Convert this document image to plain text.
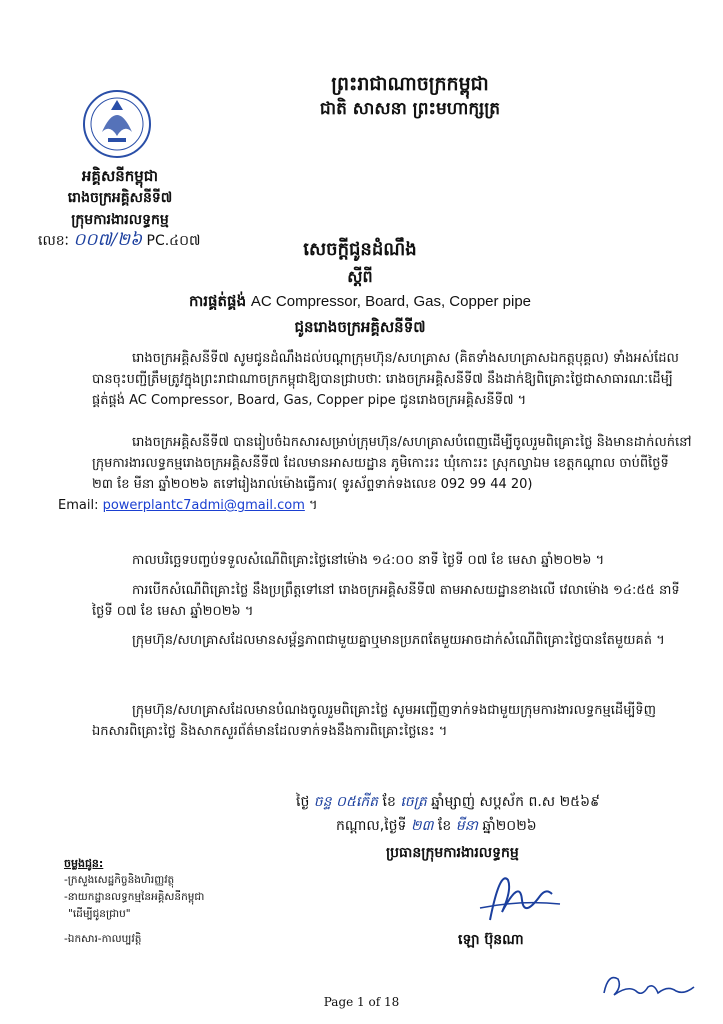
ព្រះរាជាណាចក្រកម្ពុជា
ជាតិ សាសនា ព្រះមហាក្សត្រ
អគ្គិសនីកម្ពុជា
រោងចក្រអគ្គិសនីទី៧
ក្រុមការងារលទ្ធកម្ម
លេខៈ ០០៧/២៦ PC.៤០៧	សេចក្តីជូនដំណឹង
ស្តីពី
ការផ្គត់ផ្គង់ AC Compressor, Board, Gas, Copper pipe
ជូនរោងចក្រអគ្គិសនីទី៧

រោងចក្រអគ្គិសនីទី៧ សូមជូនដំណឹងដល់បណ្តាក្រុមហ៊ុន/សហគ្រាស (គិតទាំងសហគ្រាសឯកត្តបុគ្គល) ទាំងអស់ដែលបានចុះបញ្ជីត្រឹមត្រូវក្នុងព្រះរាជាណាចក្រកម្ពុជាឱ្យបានជ្រាបថាៈ រោងចក្រអគ្គិសនីទី៧ នឹងដាក់ឱ្យពិគ្រោះថ្លៃជាសាធារណៈដើម្បីផ្គត់ផ្គង់ AC Compressor, Board, Gas, Copper pipe ជូនរោងចក្រអគ្គិសនីទី៧ ។

រោងចក្រអគ្គិសនីទី៧ បានរៀបចំឯកសារសម្រាប់ក្រុមហ៊ុន/សហគ្រាសបំពេញដើម្បីចូលរួមពិគ្រោះថ្លៃ និងមានដាក់លក់នៅក្រុមការងារលទ្ធកម្មរោងចក្រអគ្គិសនីទី៧ ដែលមានអាសយដ្ឋាន ភូមិកោះរះ ឃុំកោះរះ ស្រុកល្វាឯម ខេត្តកណ្តាល ចាប់ពីថ្ងៃទី ២៣ ខែ មីនា ឆ្នាំ២០២៦ តទៅរៀងរាល់ម៉ោងធ្វើការ( ទូរស័ព្ទទាក់ទងលេខ 092 99 44 20)

Email: powerplantc7admi@gmail.com ។

កាលបរិច្ឆេទបញ្ចប់ទទួលសំណើពិគ្រោះថ្លៃនៅម៉ោង ១៤:០០ នាទី ថ្ងៃទី ០៧ ខែ មេសា ឆ្នាំ២០២៦ ។

ការបើកសំណើពិគ្រោះថ្លៃ នឹងប្រព្រឹត្តទៅនៅ រោងចក្រអគ្គិសនីទី៧ តាមអាសយដ្ឋានខាងលើ វេលាម៉ោង ១៤:៥៥ នាទីថ្ងៃទី ០៧ ខែ មេសា ឆ្នាំ២០២៦ ។

ក្រុមហ៊ុន/សហគ្រាសដែលមានសម្ព័ន្ធភាពជាមួយគ្នាឬមានប្រភពតែមួយអាចដាក់សំណើពិគ្រោះថ្លៃបានតែមួយគត់ ។

ក្រុមហ៊ុន/សហគ្រាសដែលមានបំណងចូលរួមពិគ្រោះថ្លៃ សូមអញ្ជើញទាក់ទងជាមួយក្រុមការងារលទ្ធកម្មដើម្បីទិញឯកសារពិគ្រោះថ្លៃ និងសាកសួរព័ត៌មានដែលទាក់ទងនឹងការពិគ្រោះថ្លៃនេះ ។

ថ្ងៃ ចន្ទ ០៥កើត ខែ ចេត្រ ឆ្នាំម្សាញ់ សប្តស័ក ព.ស ២៥៦៩
កណ្តាល,ថ្ងៃទី ២៣ ខែ មីនា ឆ្នាំ២០២៦
ប្រធានក្រុមការងារលទ្ធកម្ម
ឡោ ប៊ុនណា
ចម្លងជូន:
-ក្រសួងសេដ្ឋកិច្ចនិងហិរញ្ញវត្ថុ
-នាយកដ្ឋានលទ្ធកម្មនៃអគ្គិសនីកម្ពុជា
"ដើម្បីជូនជ្រាប"
-ឯកសារ-កាលប្បវត្តិ
Page 1 of 18
